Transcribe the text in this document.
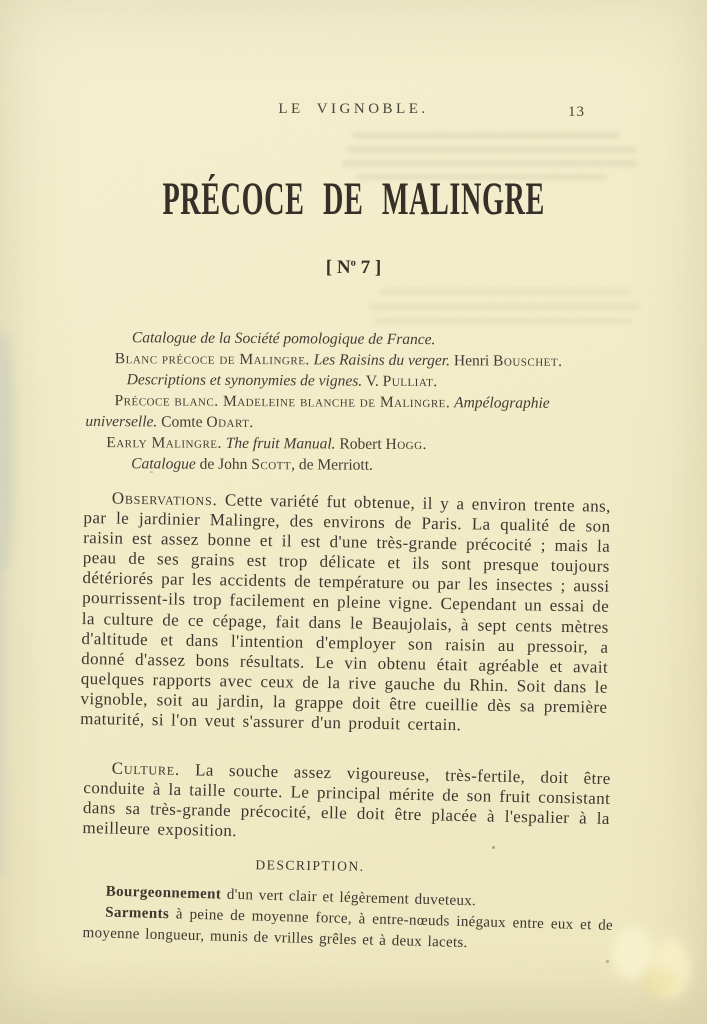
LE VIGNOBLE.	13
PRÉCOCE DE MALINGRE
[ $N^o$ 7 ]

Catalogue de la Société pomologique de France.

Blanc précoce de Malingre. Les Raisins du verger. Henri Bouschet.

Descriptions et synonymies de vignes. V. Pulliat.

Précoce blanc. Madeleine blanche de Malingre. Ampélographie universelle. Comte Odart.

Early Malingre. The fruit Manual. Robert Hogg.

Catalogue de John Scott, de Merriott.

Observations. Cette variété fut obtenue, il y a environ trente ans, par le jardinier Malingre, des environs de Paris. La qualité de son raisin est assez bonne et il est d'une très-grande précocité ; mais la peau de ses grains est trop délicate et ils sont presque toujours détériorés par les accidents de température ou par les insectes ; aussi pourrissent-ils trop facilement en pleine vigne. Cependant un essai de la culture de ce cépage, fait dans le Beaujolais, à sept cents mètres d'altitude et dans l'intention d'employer son raisin au pressoir, a donné d'assez bons résultats. Le vin obtenu était agréable et avait quelques rapports avec ceux de la rive gauche du Rhin. Soit dans le vignoble, soit au jardin, la grappe doit être cueillie dès sa première maturité, si l'on veut s'assurer d'un produit certain.

Culture. La souche assez vigoureuse, très-fertile, doit être conduite à la taille courte. Le principal mérite de son fruit consistant dans sa très-grande précocité, elle doit être placée à l'espalier à la meilleure exposition.

DESCRIPTION.

Bourgeonnement d'un vert clair et légèrement duveteux.

Sarments à peine de moyenne force, à entre-nœuds inégaux entre eux et de moyenne longueur, munis de vrilles grêles et à deux lacets.
